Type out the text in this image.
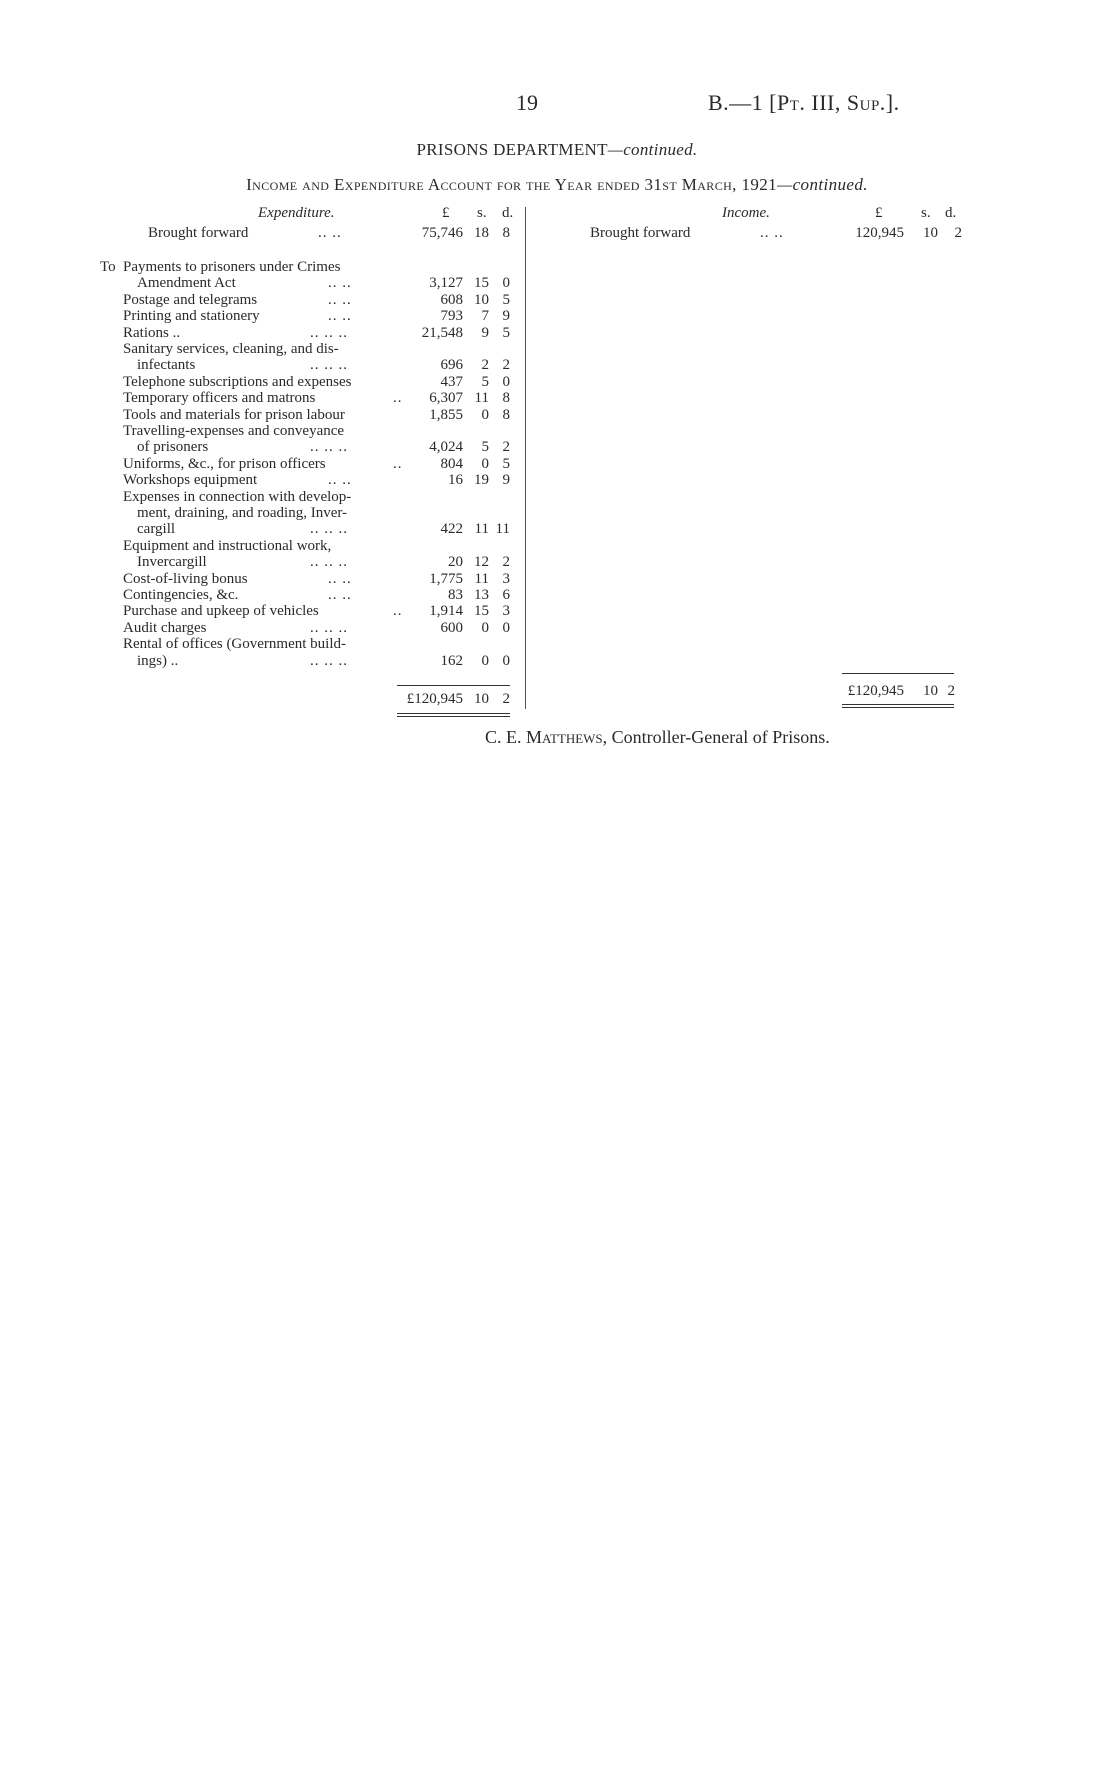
19	B.—1 [Pt. III, Sup.].
PRISONS DEPARTMENT—continued.
Income and Expenditure Account for the Year ended 31st March, 1921—continued.
Expenditure.	£ s. d.	Income.	£	s. d.
Brought forward	.. ..	75,746 18 8
To Payments to prisoners under Crimes
Amendment Act	.. ..	3,127 15 0
Postage and telegrams	.. ..	608 10 5
Printing and stationery	.. ..	793 7 9
Rations ..	.. .. ..	21,548 9 5
Sanitary services, cleaning, and dis-
infectants	.. .. ..	696 2 2
Telephone subscriptions and expenses	437 5 0
Temporary officers and matrons	.. 6,307 11 8
Tools and materials for prison labour	1,855 0 8
Travelling-expenses and conveyance
of prisoners	.. .. ..	4,024 5 2
Uniforms, &c., for prison officers	..	804 0 5
Workshops equipment	.. ..	16 19 9
Expenses in connection with develop-
ment, draining, and roading, Inver-
cargill	.. .. ..	422 11 11
Equipment and instructional work,
Invercargill	.. .. ..	20 12 2
Cost-of-living bonus	.. ..	1,775 11 3
Contingencies, &c.	.. ..	83 13 6
Purchase and upkeep of vehicles	.. 1,914 15 3
Audit charges	.. .. ..	600 0 0
Rental of offices (Government build-
ings) ..	.. .. ..	162 0 0
£120,945 10 2
Brought forward	.. ..	120,945 10 2
£120,945 10 2
C. E. Matthews, Controller-General of Prisons.
